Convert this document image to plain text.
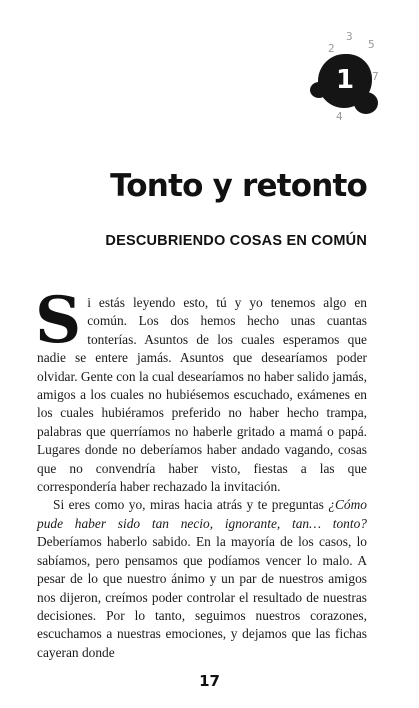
3
2	5
7
4
1
Tonto y retonto
DESCUBRIENDO COSAS EN COMÚN

Si estás leyendo esto, tú y yo tenemos algo en común. Los dos hemos hecho unas cuantas tonterías. Asuntos de los cuales esperamos que nadie se entere jamás. Asuntos que desearíamos poder olvidar. Gente con la cual desearíamos no haber salido jamás, amigos a los cuales no hubiésemos escuchado, exámenes en los cuales hubiéramos preferido no haber hecho trampa, palabras que querríamos no haberle gritado a mamá o papá. Lugares donde no deberíamos haber andado vagando, cosas que no convendría haber visto, fiestas a las que correspondería haber rechazado la invitación.

Si eres como yo, miras hacia atrás y te preguntas ¿Cómo pude haber sido tan necio, ignorante, tan… tonto? Deberíamos haberlo sabido. En la mayoría de los casos, lo sabíamos, pero pensamos que podíamos vencer lo malo. A pesar de lo que nuestro ánimo y un par de nuestros amigos nos dijeron, creímos poder controlar el resultado de nuestras decisiones. Por lo tanto, seguimos nuestros corazones, escuchamos a nuestras emociones, y dejamos que las fichas cayeran donde

17
